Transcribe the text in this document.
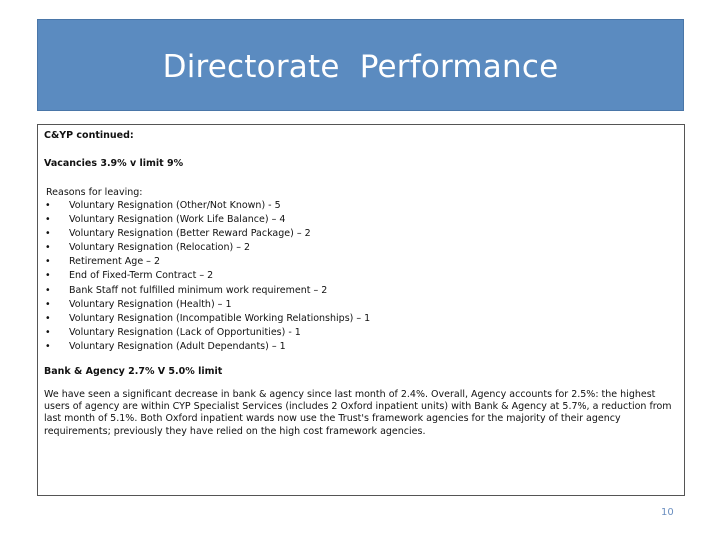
Directorate  Performance
C&YP continued:
Vacancies 3.9% v limit 9%
Reasons for leaving:
• Voluntary Resignation (Other/Not Known) - 5
• Voluntary Resignation (Work Life Balance) – 4
• Voluntary Resignation (Better Reward Package) – 2
• Voluntary Resignation (Relocation) – 2
• Retirement Age – 2
• End of Fixed-Term Contract – 2
• Bank Staff not fulfilled minimum work requirement – 2
• Voluntary Resignation (Health) – 1
• Voluntary Resignation (Incompatible Working Relationships) – 1
• Voluntary Resignation (Lack of Opportunities) - 1
• Voluntary Resignation (Adult Dependants) – 1
Bank & Agency 2.7% V 5.0% limit
We have seen a significant decrease in bank & agency since last month of 2.4%. Overall, Agency accounts for 2.5%: the highest users of agency are within CYP Specialist Services (includes 2 Oxford inpatient units) with Bank & Agency at 5.7%, a reduction from last month of 5.1%. Both Oxford inpatient wards now use the Trust's framework agencies for the majority of their agency requirements; previously they have relied on the high cost framework agencies.
10
